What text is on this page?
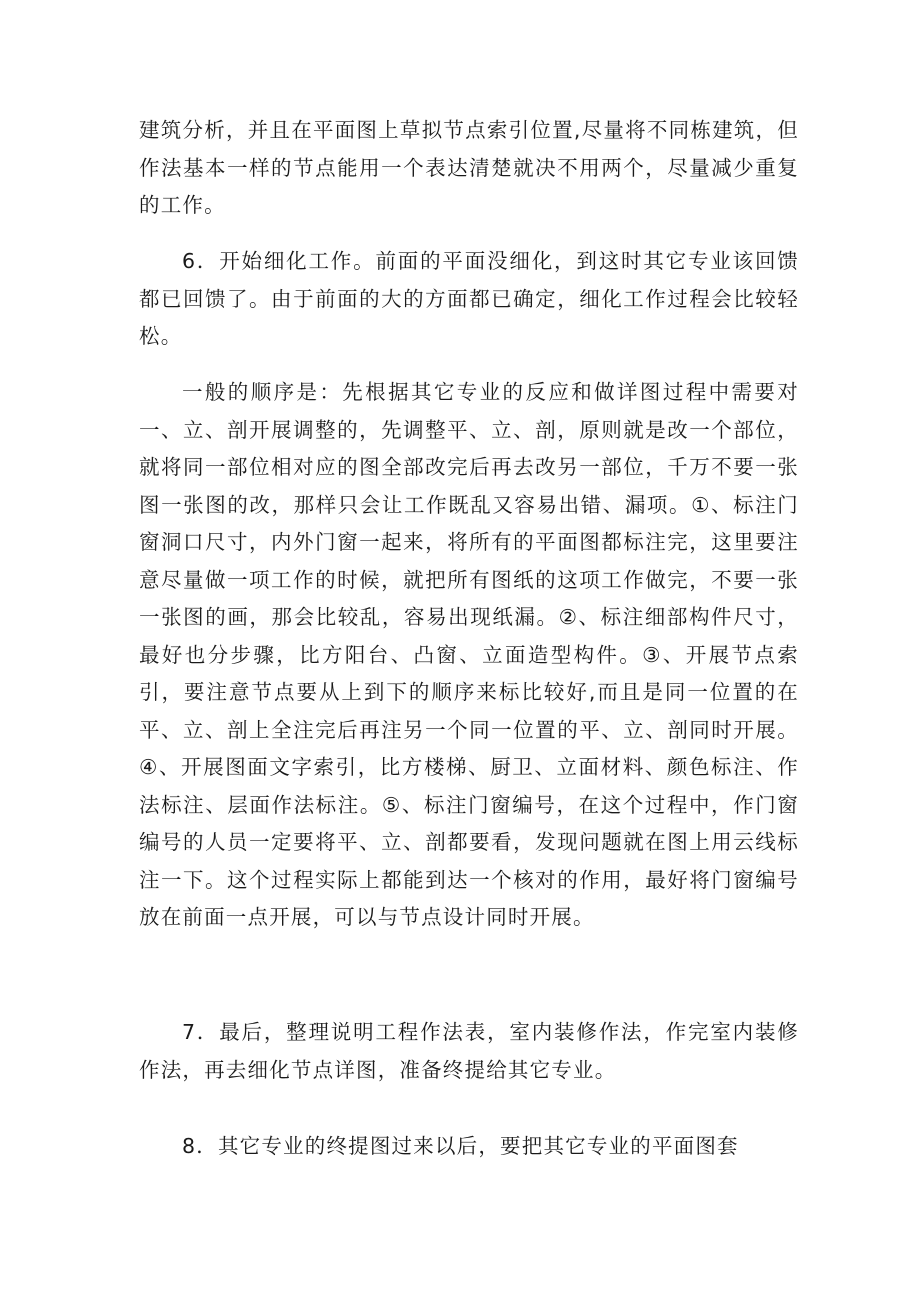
建筑分析，并且在平面图上草拟节点索引位置,尽量将不同栋建筑，但作法基本一样的节点能用一个表达清楚就决不用两个，尽量减少重复的工作。

6．开始细化工作。前面的平面没细化，到这时其它专业该回馈都已回馈了。由于前面的大的方面都已确定，细化工作过程会比较轻松。

一般的顺序是：先根据其它专业的反应和做详图过程中需要对一、立、剖开展调整的，先调整平、立、剖，原则就是改一个部位，就将同一部位相对应的图全部改完后再去改另一部位，千万不要一张图一张图的改，那样只会让工作既乱又容易出错、漏项。①、标注门窗洞口尺寸，内外门窗一起来，将所有的平面图都标注完，这里要注意尽量做一项工作的时候，就把所有图纸的这项工作做完，不要一张一张图的画，那会比较乱，容易出现纸漏。②、标注细部构件尺寸，最好也分步骤，比方阳台、凸窗、立面造型构件。③、开展节点索引，要注意节点要从上到下的顺序来标比较好,而且是同一位置的在平、立、剖上全注完后再注另一个同一位置的平、立、剖同时开展。④、开展图面文字索引，比方楼梯、厨卫、立面材料、颜色标注、作法标注、层面作法标注。⑤、标注门窗编号，在这个过程中，作门窗编号的人员一定要将平、立、剖都要看，发现问题就在图上用云线标注一下。这个过程实际上都能到达一个核对的作用，最好将门窗编号放在前面一点开展，可以与节点设计同时开展。

7．最后，整理说明工程作法表，室内装修作法，作完室内装修作法，再去细化节点详图，准备终提给其它专业。

8．其它专业的终提图过来以后，要把其它专业的平面图套
